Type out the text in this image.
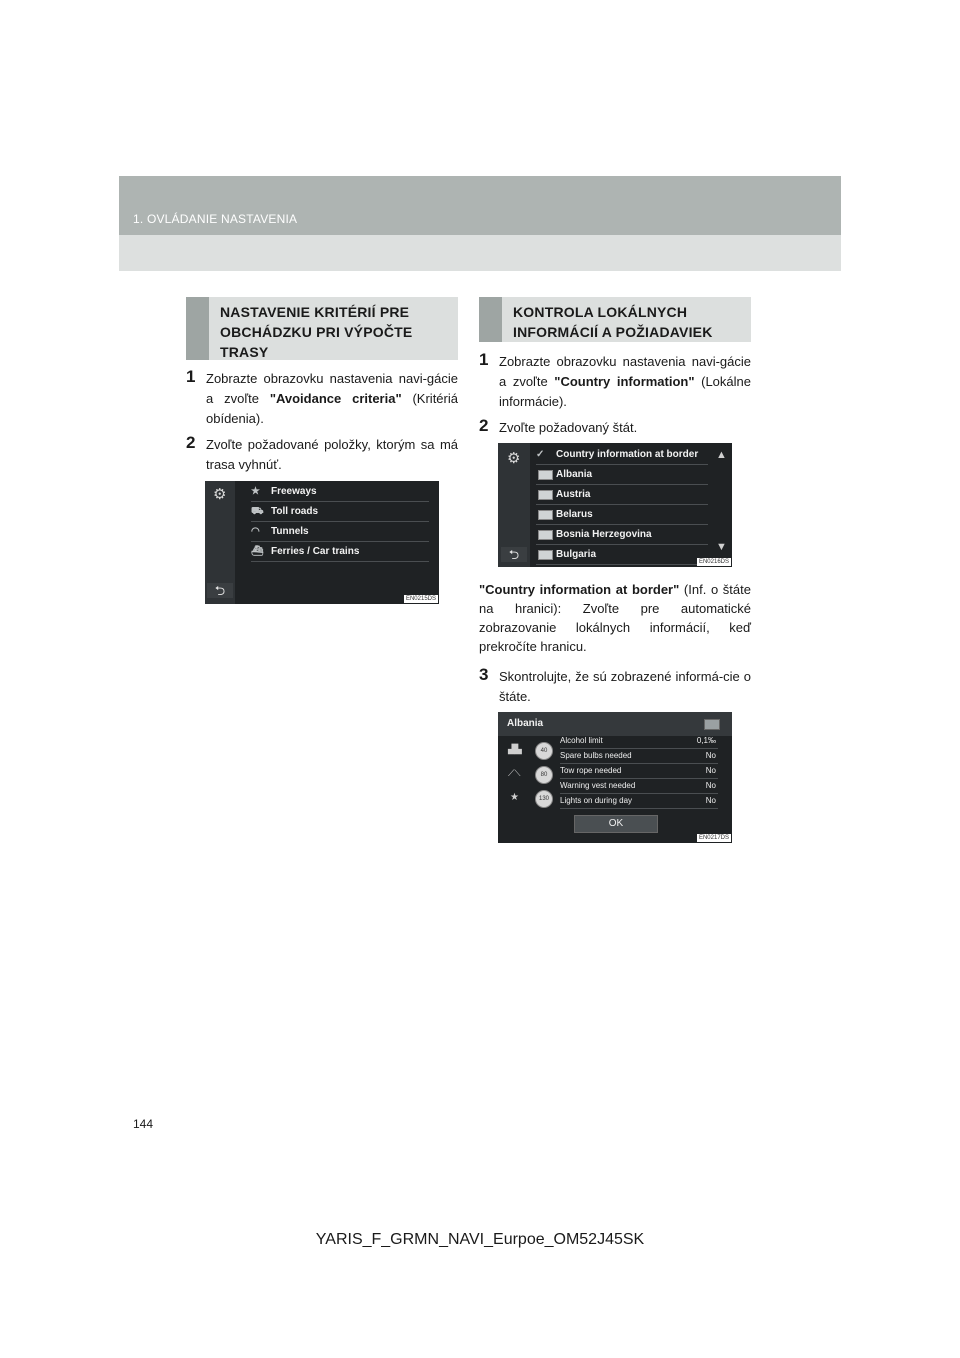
1. OVLÁDANIE NASTAVENIA
NASTAVENIE KRITÉRIÍ PRE
OBCHÁDZKU PRI VÝPOČTE
TRASY
1 Zobrazte obrazovku nastavenia navi-gácie a zvoľte "Avoidance criteria" (Kritériá obídenia).
2 Zvoľte požadované položky, ktorým sa má trasa vyhnúť.
⚙
⮌
★	Freeways
⛟ Toll roads
◠	Tunnels
⛴ Ferries / Car trains
EN0215DS
KONTROLA LOKÁLNYCH
INFORMÁCIÍ A POŽIADAVIEK
1 Zobrazte obrazovku nastavenia navi-gácie a zvoľte "Country information" (Lokálne informácie).
2 Zvoľte požadovaný štát.
⚙
⮌
✓	Country information at border
Albania
Austria
Belarus
Bosnia Herzegovina
Bulgaria
▲
▼
EN0216DS
"Country information at border" (Inf. o štáte na hranici): Zvoľte pre automatické zobrazovanie lokálnych informácií, keď prekročíte hranicu.
3 Skontrolujte, že sú zobrazené informá-cie o štáte.
Albania
▟▙
⟋⟍
★
40
80
130
Alcohol limit	0,1‰
Spare bulbs needed	No
Tow rope needed	No
Warning vest needed	No
Lights on during day	No
OK
EN0217DS
144
YARIS_F_GRMN_NAVI_Eurpoe_OM52J45SK
